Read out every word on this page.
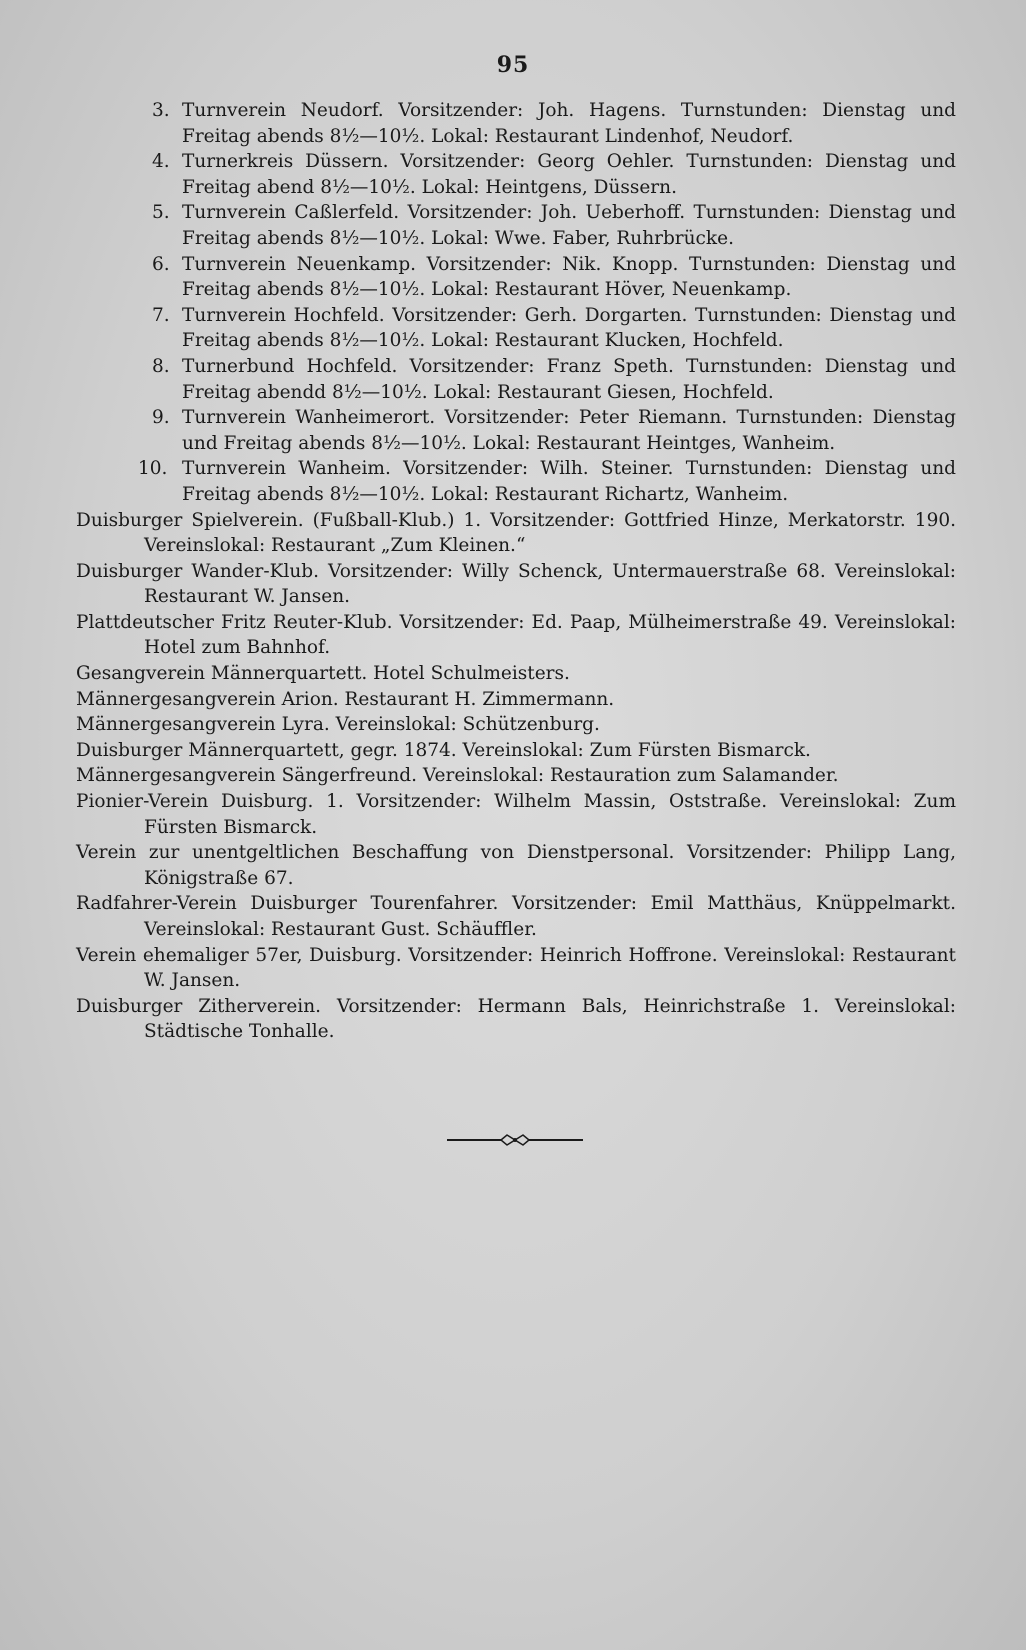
95

3. Turnverein Neudorf. Vorsitzender: Joh. Hagens. Turnstunden: Dienstag und Freitag abends 8½—10½. Lokal: Restaurant Lindenhof, Neudorf.

4. Turnerkreis Düssern. Vorsitzender: Georg Oehler. Turnstunden: Dienstag und Freitag abend 8½—10½. Lokal: Heintgens, Düssern.

5. Turnverein Caßlerfeld. Vorsitzender: Joh. Ueberhoff. Turnstunden: Dienstag und Freitag abends 8½—10½. Lokal: Wwe. Faber, Ruhrbrücke.

6. Turnverein Neuenkamp. Vorsitzender: Nik. Knopp. Turnstunden: Dienstag und Freitag abends 8½—10½. Lokal: Restaurant Höver, Neuenkamp.

7. Turnverein Hochfeld. Vorsitzender: Gerh. Dorgarten. Turnstunden: Dienstag und Freitag abends 8½—10½. Lokal: Restaurant Klucken, Hochfeld.

8. Turnerbund Hochfeld. Vorsitzender: Franz Speth. Turnstunden: Dienstag und Freitag abendd 8½—10½. Lokal: Restaurant Giesen, Hochfeld.

9. Turnverein Wanheimerort. Vorsitzender: Peter Riemann. Turnstunden: Dienstag und Freitag abends 8½—10½. Lokal: Restaurant Heintges, Wanheim.

10. Turnverein Wanheim. Vorsitzender: Wilh. Steiner. Turnstunden: Dienstag und Freitag abends 8½—10½. Lokal: Restaurant Richartz, Wanheim.

Duisburger Spielverein. (Fußball-Klub.) 1. Vorsitzender: Gottfried Hinze, Merkatorstr. 190. Vereinslokal: Restaurant „Zum Kleinen.“

Duisburger Wander-Klub. Vorsitzender: Willy Schenck, Untermauerstraße 68. Vereinslokal: Restaurant W. Jansen.

Plattdeutscher Fritz Reuter-Klub. Vorsitzender: Ed. Paap, Mülheimerstraße 49. Vereinslokal: Hotel zum Bahnhof.

Gesangverein Männerquartett. Hotel Schulmeisters.

Männergesangverein Arion. Restaurant H. Zimmermann.

Männergesangverein Lyra. Vereinslokal: Schützenburg.

Duisburger Männerquartett, gegr. 1874. Vereinslokal: Zum Fürsten Bismarck.

Männergesangverein Sängerfreund. Vereinslokal: Restauration zum Salamander.

Pionier-Verein Duisburg. 1. Vorsitzender: Wilhelm Massin, Oststraße. Vereinslokal: Zum Fürsten Bismarck.

Verein zur unentgeltlichen Beschaffung von Dienstpersonal. Vorsitzender: Philipp Lang, Königstraße 67.

Radfahrer-Verein Duisburger Tourenfahrer. Vorsitzender: Emil Matthäus, Knüppelmarkt. Vereinslokal: Restaurant Gust. Schäuffler.

Verein ehemaliger 57er, Duisburg. Vorsitzender: Heinrich Hoffrone. Vereinslokal: Restaurant W. Jansen.

Duisburger Zitherverein. Vorsitzender: Hermann Bals, Heinrichstraße 1. Vereinslokal: Städtische Tonhalle.
